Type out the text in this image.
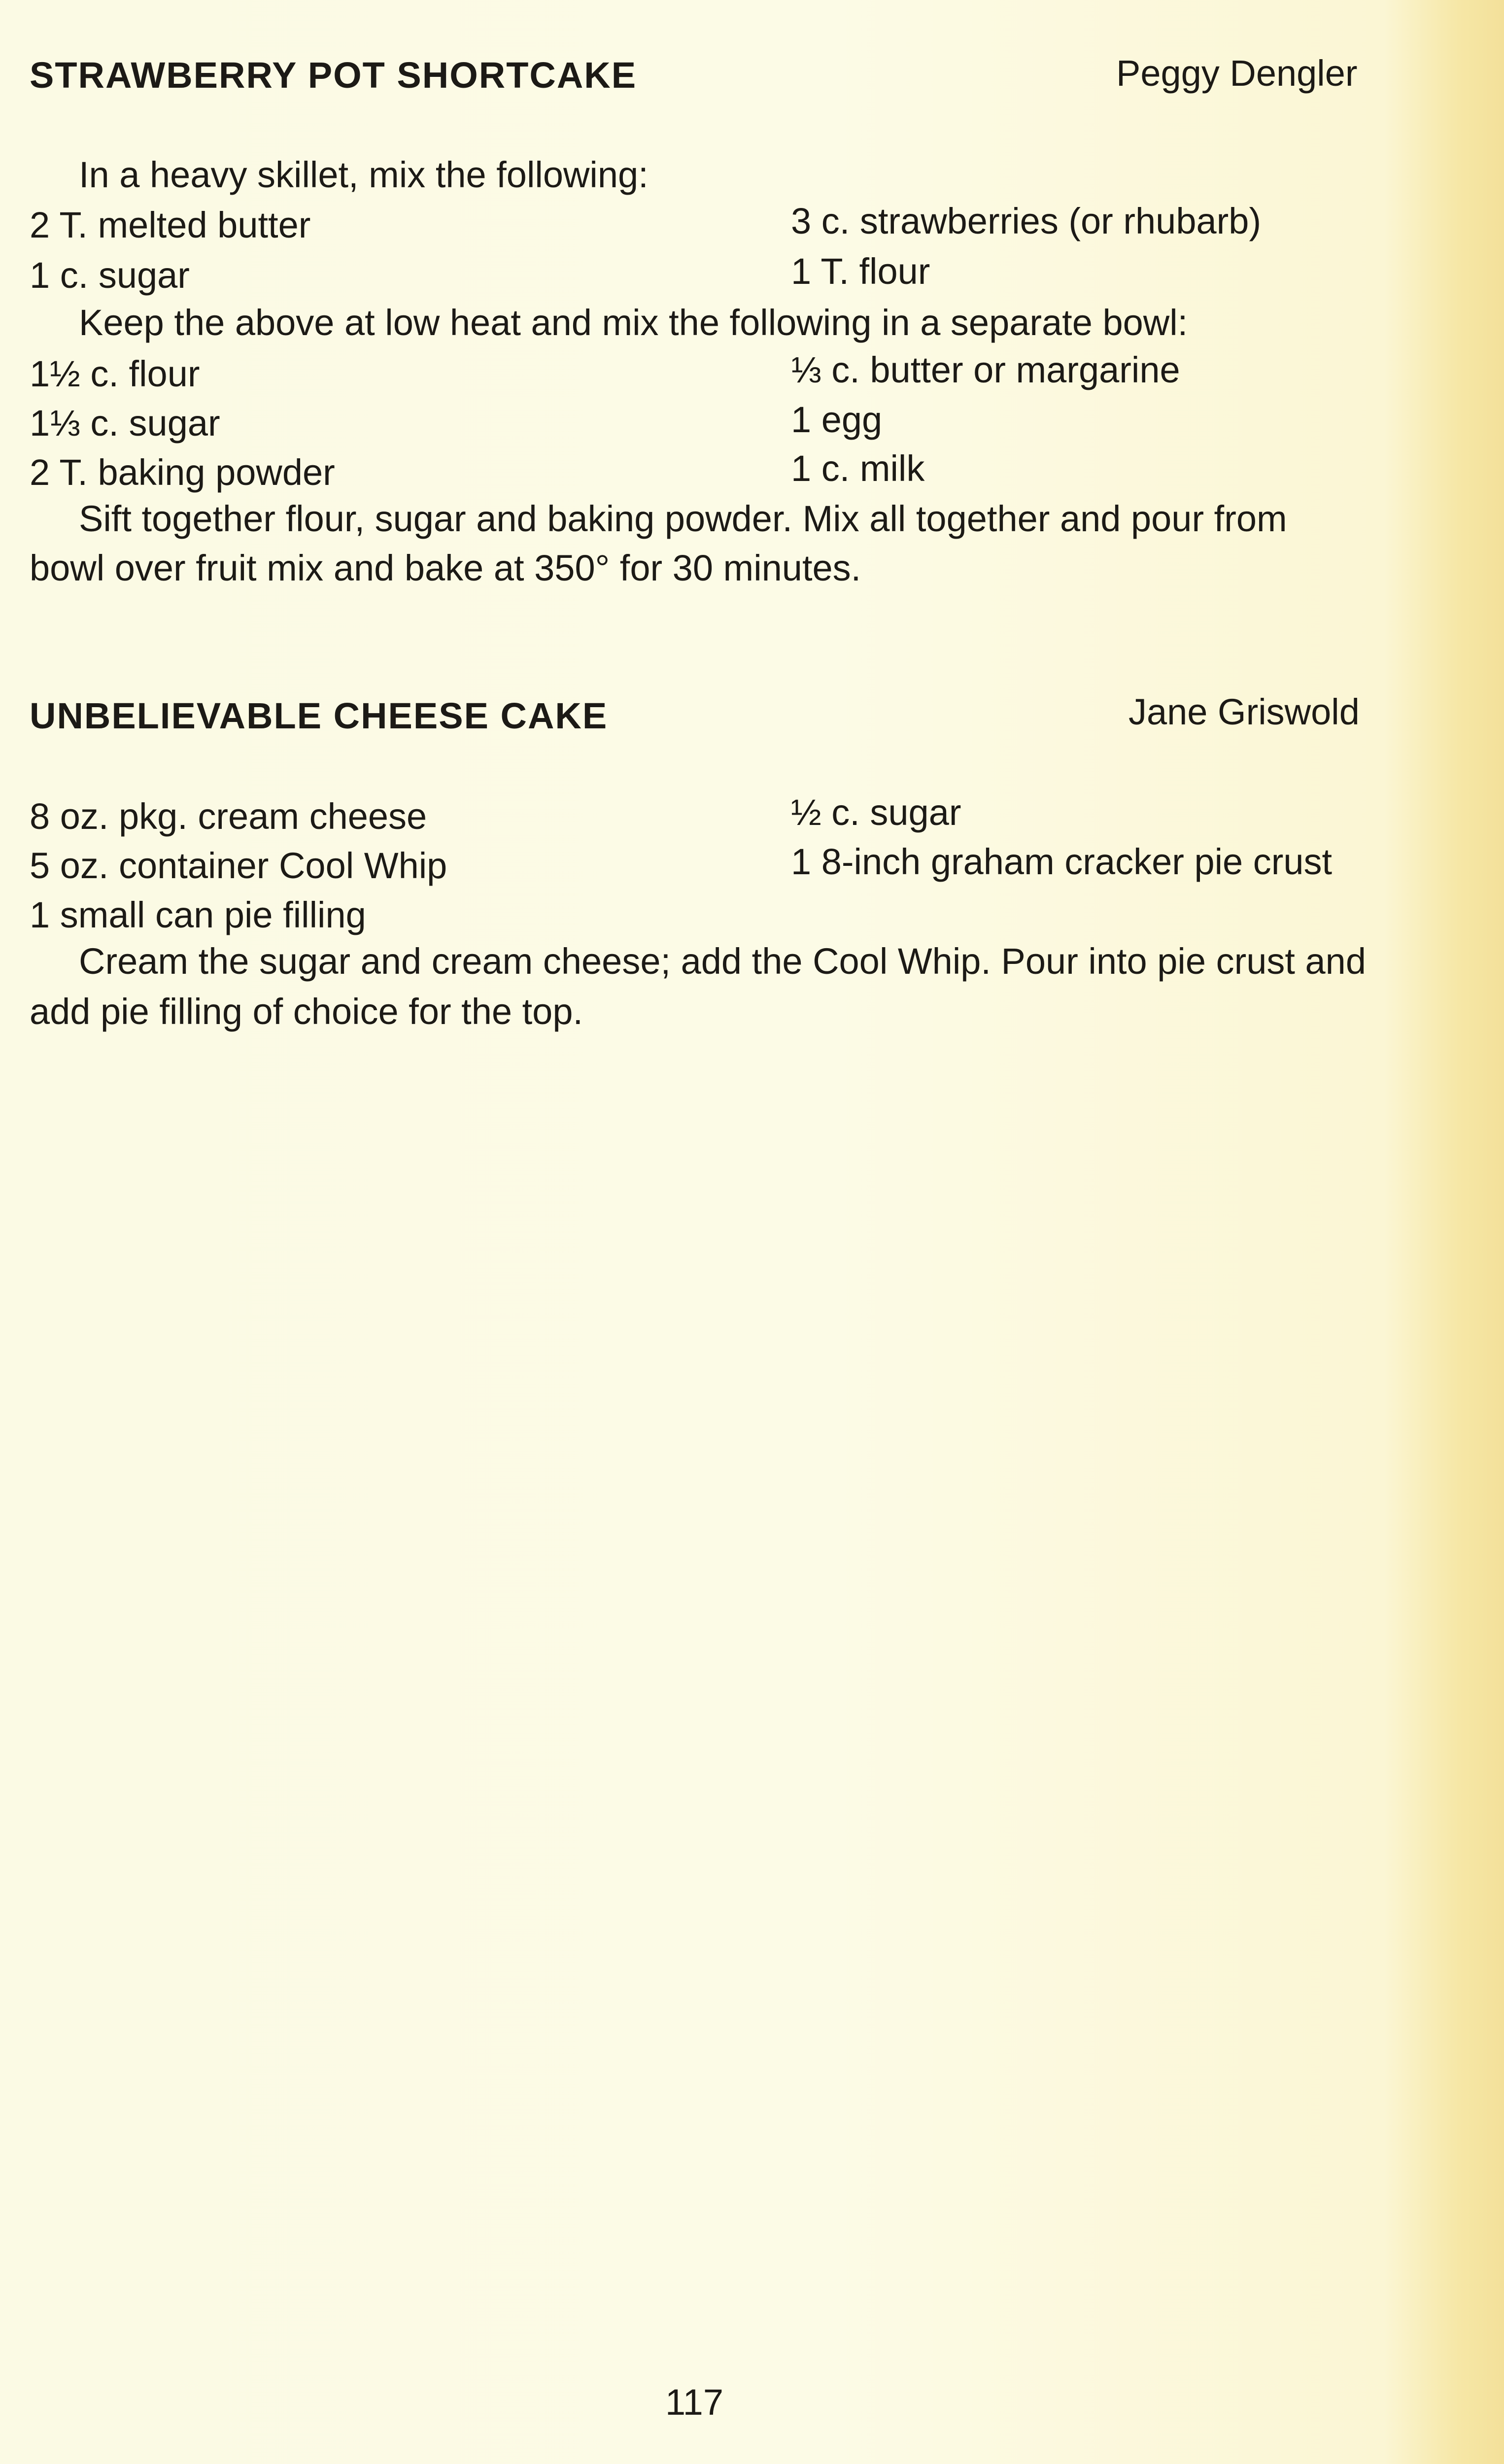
STRAWBERRY POT SHORTCAKE	Peggy Dengler
In a heavy skillet, mix the following:
2 T. melted butter	3 c. strawberries (or rhubarb)
1 c. sugar	1 T. flour
Keep the above at low heat and mix the following in a separate bowl:
1½ c. flour	⅓ c. butter or margarine
1⅓ c. sugar	1 egg
2 T. baking powder	1 c. milk
Sift together flour, sugar and baking powder. Mix all together and pour from
bowl over fruit mix and bake at 350° for 30 minutes.
UNBELIEVABLE CHEESE CAKE	Jane Griswold
8 oz. pkg. cream cheese	½ c. sugar
5 oz. container Cool Whip	1 8-inch graham cracker pie crust
1 small can pie filling
Cream the sugar and cream cheese; add the Cool Whip. Pour into pie crust and
add pie filling of choice for the top.
117
